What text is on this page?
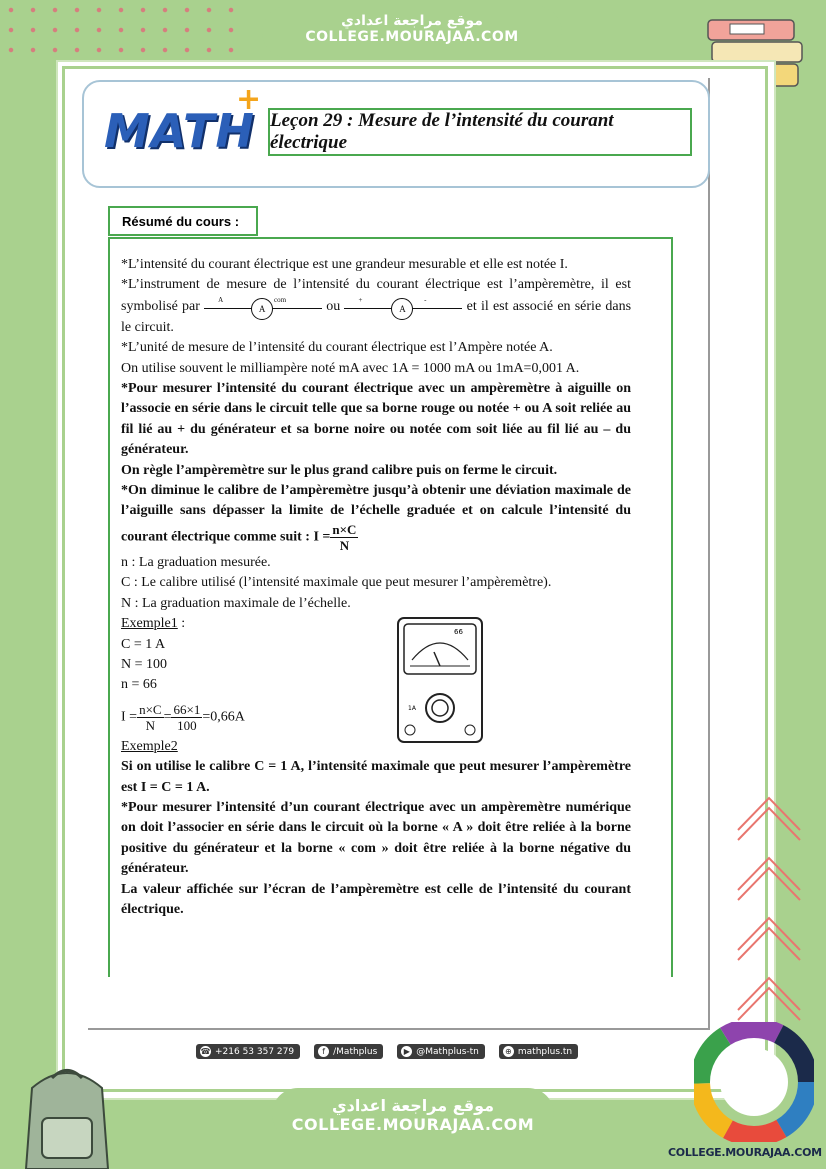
موقع مراجعة اعدادي
COLLEGE.MOURAJAA.COM
MATH
+
Leçon 29 : Mesure de l’intensité du courant électrique
Résumé du cours :

*L’intensité du courant électrique est une grandeur mesurable et elle est notée I.

*L’instrument de mesure de l’intensité du courant électrique est l’ampèremètre, il est symbolisé par	A
A
com	ou	+
A
-	et il est associé en série dans le circuit.

*L’unité de mesure de l’intensité du courant électrique est l’Ampère notée A.

On utilise souvent le milliampère noté mA avec 1A = 1000 mA ou 1mA=0,001 A.

*Pour mesurer l’intensité du courant électrique avec un ampèremètre à aiguille on l’associe en série dans le circuit telle que sa borne rouge ou notée + ou A soit reliée au fil lié au + du générateur et sa borne noire ou notée com soit liée au fil lié au – du générateur.

On règle l’ampèremètre sur le plus grand calibre puis on ferme le circuit.

*On diminue le calibre de l’ampèremètre jusqu’à obtenir une déviation maximale de l’aiguille sans dépasser la limite de l’échelle graduée et on calcule l’intensité du courant électrique comme suit : $I = \frac{n\times C}{N}$

n : La graduation mesurée.

C : Le calibre utilisé (l’intensité maximale que peut mesurer l’ampèremètre).

N : La graduation maximale de l’échelle.

Exemple1 :

C = 1 A

N = 100

n = 66

$I = \frac{n\times C}{N} = \frac{66\times 1}{100} =0,66A$

Exemple2

Si on utilise le calibre C = 1 A, l’intensité maximale que peut mesurer l’ampèremètre est I = C = 1 A.

*Pour mesurer l’intensité d’un courant électrique avec un ampèremètre numérique on doit l’associer en série dans le circuit où la borne « A » doit être reliée à la borne positive du générateur et la borne « com » doit être reliée à la borne négative du générateur.

La valeur affichée sur l’écran de l’ampèremètre est celle de l’intensité du courant électrique.

66
1A
☎ +216 53 357 279	f /Mathplus	▶ @Mathplus-tn	⊕ mathplus.tn
موقع مراجعة اعدادي
COLLEGE.MOURAJAA.COM
COLLEGE.MOURAJAA.COM
